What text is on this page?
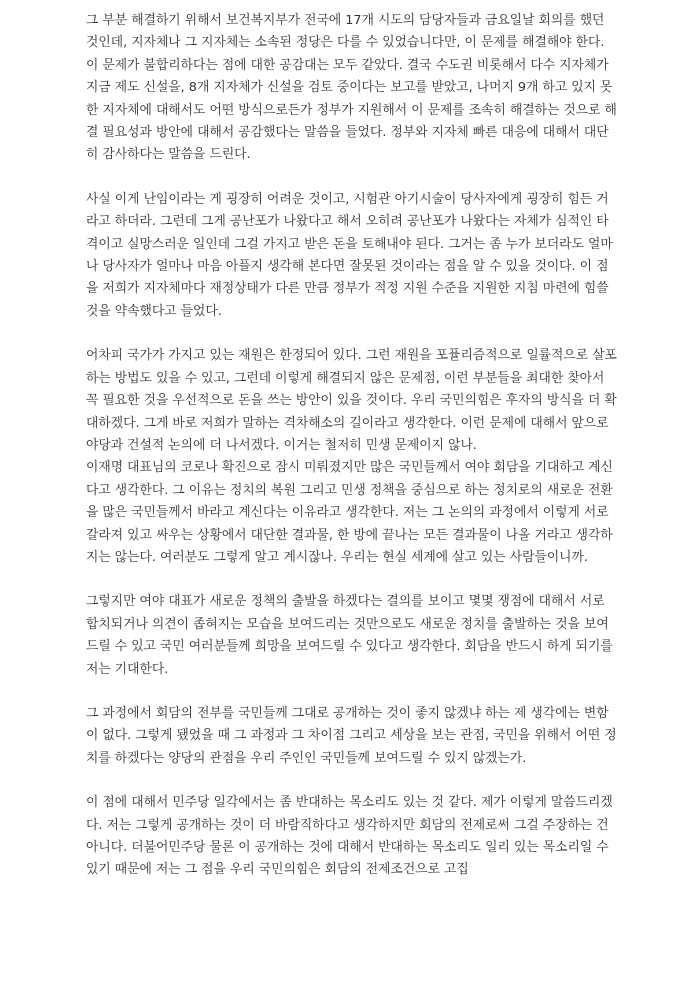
그 부분 해결하기 위해서 보건복지부가 전국에 17개 시도의 담당자들과 금요일날 회의를 했던 것인데, 지자체나 그 지자체는 소속된 정당은 다를 수 있었습니다만, 이 문제를 해결해야 한다. 이 문제가 불합리하다는 점에 대한 공감대는 모두 같았다. 결국 수도권 비롯해서 다수 지자체가 지금 제도 신설을, 8개 지자체가 신설을 검토 중이다는 보고를 받았고, 나머지 9개 하고 있지 못한 지자체에 대해서도 어떤 방식으로든가 정부가 지원해서 이 문제를 조속히 해결하는 것으로 해결 필요성과 방안에 대해서 공감했다는 말씀을 들었다. 정부와 지자체 빠른 대응에 대해서 대단히 감사하다는 말씀을 드린다.

사실 이게 난임이라는 게 굉장히 어려운 것이고, 시험관 아기시술이 당사자에게 굉장히 힘든 거라고 하더라. 그런데 그게 공난포가 나왔다고 해서 오히려 공난포가 나왔다는 자체가 심적인 타격이고 실망스러운 일인데 그걸 가지고 받은 돈을 토해내야 된다. 그거는 좀 누가 보더라도 얼마나 당사자가 얼마나 마음 아플지 생각해 본다면 잘못된 것이라는 점을 알 수 있을 것이다. 이 점을 저희가 지자체마다 재정상태가 다른 만큼 정부가 적정 지원 수준을 지원한 지침 마련에 힘쓸 것을 약속했다고 들었다.

어차피 국가가 가지고 있는 재원은 한정되어 있다. 그런 재원을 포퓰리즘적으로 일률적으로 살포하는 방법도 있을 수 있고, 그런데 이렇게 해결되지 않은 문제점, 이런 부분들을 최대한 찾아서 꼭 필요한 것을 우선적으로 돈을 쓰는 방안이 있을 것이다. 우리 국민의힘은 후자의 방식을 더 확대하겠다. 그게 바로 저희가 말하는 격차해소의 길이라고 생각한다. 이런 문제에 대해서 앞으로 야당과 건설적 논의에 더 나서겠다. 이거는 철저히 민생 문제이지 않나.

이재명 대표님의 코로나 확진으로 잠시 미뤄졌지만 많은 국민들께서 여야 회담을 기대하고 계신다고 생각한다. 그 이유는 정치의 복원 그리고 민생 정책을 중심으로 하는 정치로의 새로운 전환을 많은 국민들께서 바라고 계신다는 이유라고 생각한다. 저는 그 논의의 과정에서 이렇게 서로 갈라져 있고 싸우는 상황에서 대단한 결과물, 한 방에 끝나는 모든 결과물이 나올 거라고 생각하지는 않는다. 여러분도 그렇게 알고 계시잖나. 우리는 현실 세계에 살고 있는 사람들이니까.

그렇지만 여야 대표가 새로운 정책의 출발을 하겠다는 결의를 보이고 몇몇 쟁점에 대해서 서로 합치되거나 의견이 좁혀지는 모습을 보여드리는 것만으로도 새로운 정치를 출발하는 것을 보여드릴 수 있고 국민 여러분들께 희망을 보여드릴 수 있다고 생각한다. 회담을 반드시 하게 되기를 저는 기대한다.

그 과정에서 회담의 전부를 국민들께 그대로 공개하는 것이 좋지 않겠냐 하는 제 생각에는 변함이 없다. 그렇게 됐었을 때 그 과정과 그 차이점 그리고 세상을 보는 관점, 국민을 위해서 어떤 정치를 하겠다는 양당의 관점을 우리 주인인 국민들께 보여드릴 수 있지 않겠는가.

이 점에 대해서 민주당 일각에서는 좀 반대하는 목소리도 있는 것 같다. 제가 이렇게 말씀드리겠다. 저는 그렇게 공개하는 것이 더 바람직하다고 생각하지만 회담의 전제로써 그걸 주장하는 건 아니다. 더불어민주당 물론 이 공개하는 것에 대해서 반대하는 목소리도 일리 있는 목소리일 수 있기 때문에 저는 그 점을 우리 국민의힘은 회담의 전제조건으로 고집
